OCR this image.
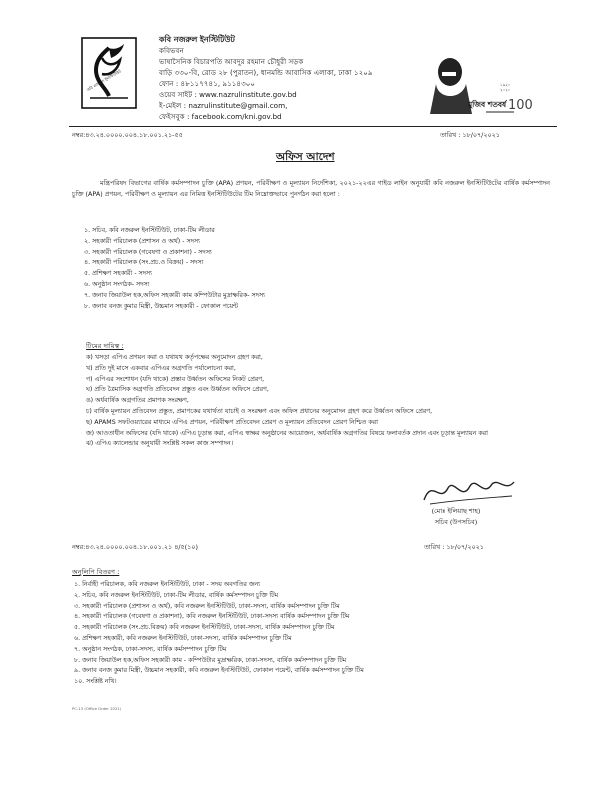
কবি নজরুল ইনস্টিটিউট
কবি নজরুল ইনস্টিটিউট
কবিভবন
ভাষাসৈনিক বিচারপতি আবদুর রহমান চৌধুরী সড়ক
বাড়ি ৩৩০-বি, রোড ২৮ (পুরাতন), ধানমন্ডি আবাসিক এলাকা, ঢাকা ১২০৯
ফোন : ৪৮১১৭৭৪১, ৯১১৪৩০০
ওয়েব সাইট : www.nazrulinstitute.gov.bd
ই-মেইল : nazrulinstitute@gmail.com,
ফেইসবুক : facebook.com/kni.gov.bd
মুজিব শতবর্ষ
১৯২০ ২০২০
100
নম্বর:৪৩.২৪.০০০০.০০৪.১৮.০০১.২১-৫৫	তারিখ : ১৮/০৭/২০২১
অফিস আদেশ
মন্ত্রিপরিষদ বিভাগের বার্ষিক কর্মসম্পাদন চুক্তি (APA) প্রণয়ন, পরিবীক্ষণ ও মূল্যায়ন নির্দেশিকা, ২০২১-২২এর গাইড লাইন অনুযায়ী কবি নজরুল ইনস্টিটিউটের বার্ষিক কর্মসম্পাদন চুক্তি (APA) প্রণয়ন, পরিবীক্ষণ ও মূল্যায়ন এর নিমিত্ত ইনস্টিটিউটের টিম নিম্নোক্তভাবে পুনর্গঠন করা হলো :
১. সচিব, কবি নজরুল ইনস্টিটিউট, ঢাকা-টিম লীডার
২. সহকারী পরিচালক (প্রশাসন ও অর্থ) - সদস্য
৩. সহকারী পরিচালক (গবেষণা ও প্রকাশনা) - সদস্য
৪. সহকারী পরিচালক (সং.প্রচ.ও বিক্রয়) - সদস্য
৫. প্রশিক্ষণ সহকারী - সদস্য
৬. অনুষ্ঠান সংগঠক- সদস্য
৭. জনাব জিয়াউল হক,অফিস সহকারী কাম কম্পিউটার মুদ্রাক্ষরিক- সদস্য
৮. জনাব বনজ কুমার মিস্ত্রী, উচ্চমান সহকারী - ফোকাল পয়েন্ট
টিমের দায়িত্ব :
ক) খসড়া এপিএ প্রণয়ন করা ও যথাযথ কর্তৃপক্ষের অনুমোদন গ্রহণ করা,
খ) প্রতি দুই মাসে একবার এপিএর অগ্রগতি পর্যালোচনা করা,
গ) এপিএর সংশোধন (যদি থাকে) প্রস্তাব উর্ধ্বতন অফিসের নিকট প্রেরণ,
ঘ) প্রতি ত্রৈমাসিক অগ্রগতি প্রতিবেদন প্রস্তুত এবং উর্ধ্বতন অফিসে প্রেরণ,
ঙ) অর্ধবার্ষিক অগ্রগতির প্রমাণক সংরক্ষণ,
চ) বার্ষিক মূল্যায়ন প্রতিবেদন প্রস্তুত, প্রমাণকের যথার্থতা যাচাই ও সংরক্ষণ এবং অফিস প্রধানের অনুমোদন গ্রহণ করে উর্ধ্বতন অফিসে প্রেরণ,
ছ) APAMS সফটওয়্যারের মাধ্যমে এপিএ প্রণয়ন, পরিবীক্ষণ প্রতিবেদন প্রেরণ ও মূল্যায়ন প্রতিবেদন প্রেরণ নিশ্চিত করা
জ) আওতাধীন অফিসের (যদি থাকে) এপিএ চূড়ান্ত করা, এপিএ স্বাক্ষর অনুষ্ঠানের আয়োজন, অর্ধবার্ষিক অগ্রগতির বিষয়ে ফলাবর্তক প্রদান এবং চূড়ান্ত মূল্যায়ন করা
ঝ) এপিএ ক্যালেন্ডার অনুযায়ী সংশ্লিষ্ট সকল কাজ সম্পাদন।
(মোঃ ইলিয়াছ শাহ)
সচিব (উপসচিব)
নম্বর:৪৩.২৪.০০০০.০০৪.১৮.০০১.২১ ৪/৫(১০)	তারিখ : ১৮/০৭/২০২১
অনুলিপি বিতরণ :
১. নির্বাহী পরিচালক, কবি নজরুল ইনস্টিটিউট, ঢাকা - সদয় অবগতির জন্য
২. সচিব, কবি নজরুল ইনস্টিটিউট, ঢাকা-টিম লীডার, বার্ষিক কর্মসম্পাদন চুক্তি টিম
৩. সহকারী পরিচালক (প্রশাসন ও অর্থ), কবি নজরুল ইনস্টিটিউট, ঢাকা-সদস্য, বার্ষিক কর্মসম্পাদন চুক্তি টিম
৪. সহকারী পরিচালক (গবেষণা ও প্রকাশনা), কবি নজরুল ইনস্টিটিউট, ঢাকা-সদস্য বার্ষিক কর্মসম্পাদন চুক্তি টিম
৫. সহকারী পরিচালক (সং.প্রচ.বিক্রয়) কবি নজরুল ইনস্টিটিউট, ঢাকা-সদস্য, বার্ষিক কর্মসম্পাদন চুক্তি টিম
৬. প্রশিক্ষণ সহকারী, কবি নজরুল ইনস্টিটিউট, ঢাকা-সদস্য, বার্ষিক কর্মসম্পাদন চুক্তি টিম
৭. অনুষ্ঠান সংগঠক, ঢাকা-সদস্য, বার্ষিক কর্মসম্পাদন চুক্তি টিম
৮. জনাব জিয়াউল হক,অফিস সহকারী কাম - কম্পিউটার মুদ্রাক্ষরিক, ঢাকা-সদস্য, বার্ষিক কর্মসম্পাদন চুক্তি টিম
৯. জনাব বনজ কুমার মিস্ত্রী, উচ্চমান সহকারী, কবি নজরুল ইনস্টিটিউট, ফোকাল পয়েন্ট, বার্ষিক কর্মসম্পাদন চুক্তি টিম
১০. সংশ্লিষ্ট নথি।
PC-13 (Office Order 2021)
